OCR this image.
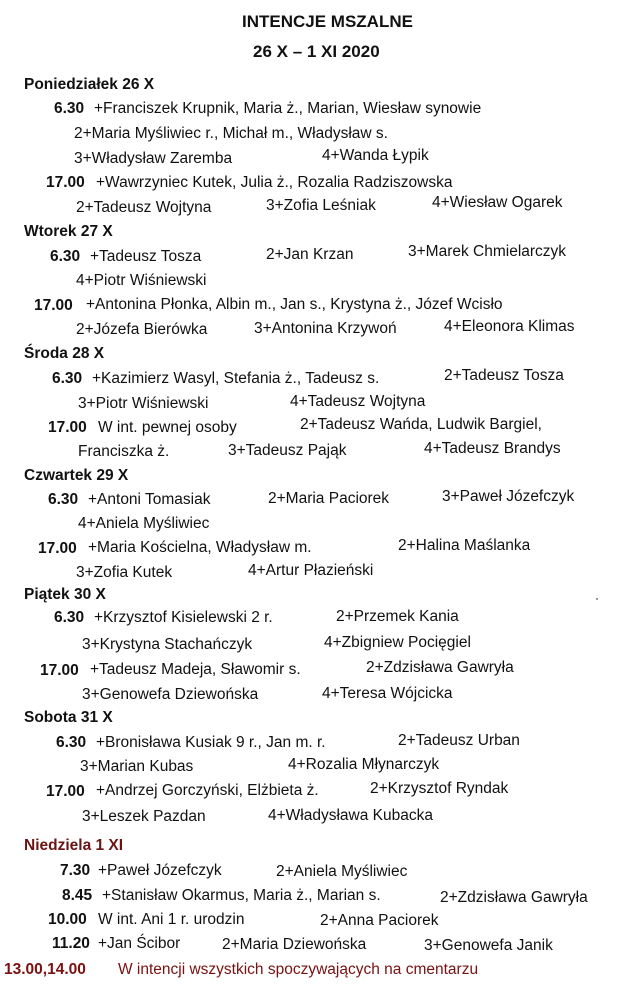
INTENCJE MSZALNE
26 X – 1 XI 2020
Poniedziałek 26 X
6.30 +Franciszek Krupnik, Maria ż., Marian, Wiesław synowie
2+Maria Myśliwiec r., Michał m., Władysław s.
3+Władysław Zaremba	4+Wanda Łypik
17.00 +Wawrzyniec Kutek, Julia ż., Rozalia Radziszowska
2+Tadeusz Wojtyna	3+Zofia Leśniak	4+Wiesław Ogarek
Wtorek 27 X
6.30 +Tadeusz Tosza	2+Jan Krzan	3+Marek Chmielarczyk
4+Piotr Wiśniewski
17.00 +Antonina Płonka, Albin m., Jan s., Krystyna ż., Józef Wcisło
2+Józefa Bierówka	3+Antonina Krzywoń	4+Eleonora Klimas
Środa 28 X
6.30 +Kazimierz Wasyl, Stefania ż., Tadeusz s.	2+Tadeusz Tosza
3+Piotr Wiśniewski	4+Tadeusz Wojtyna
17.00 W int. pewnej osoby	2+Tadeusz Wańda, Ludwik Bargiel,
Franciszka ż.	3+Tadeusz Pająk	4+Tadeusz Brandys
Czwartek 29 X
6.30 +Antoni Tomasiak	2+Maria Paciorek	3+Paweł Józefczyk
4+Aniela Myśliwiec
17.00 +Maria Kościelna, Władysław m.	2+Halina Maślanka
3+Zofia Kutek	4+Artur Płazieński
Piątek 30 X
6.30 +Krzysztof Kisielewski 2 r.	2+Przemek Kania
3+Krystyna Stachańczyk	4+Zbigniew Pocięgiel
17.00 +Tadeusz Madeja, Sławomir s.	2+Zdzisława Gawryła
3+Genowefa Dziewońska	4+Teresa Wójcicka
Sobota 31 X
6.30 +Bronisława Kusiak 9 r., Jan m. r.	2+Tadeusz Urban
3+Marian Kubas	4+Rozalia Młynarczyk
17.00 +Andrzej Gorczyński, Elżbieta ż.	2+Krzysztof Ryndak
3+Leszek Pazdan	4+Władysława Kubacka
Niedziela 1 XI
7.30 +Paweł Józefczyk	2+Aniela Myśliwiec
8.45 +Stanisław Okarmus, Maria ż., Marian s.	2+Zdzisława Gawryła
10.00 W int. Ani 1 r. urodzin	2+Anna Paciorek
11.20 +Jan Ścibor	2+Maria Dziewońska	3+Genowefa Janik
13.00,14.00 W intencji wszystkich spoczywających na cmentarzu
